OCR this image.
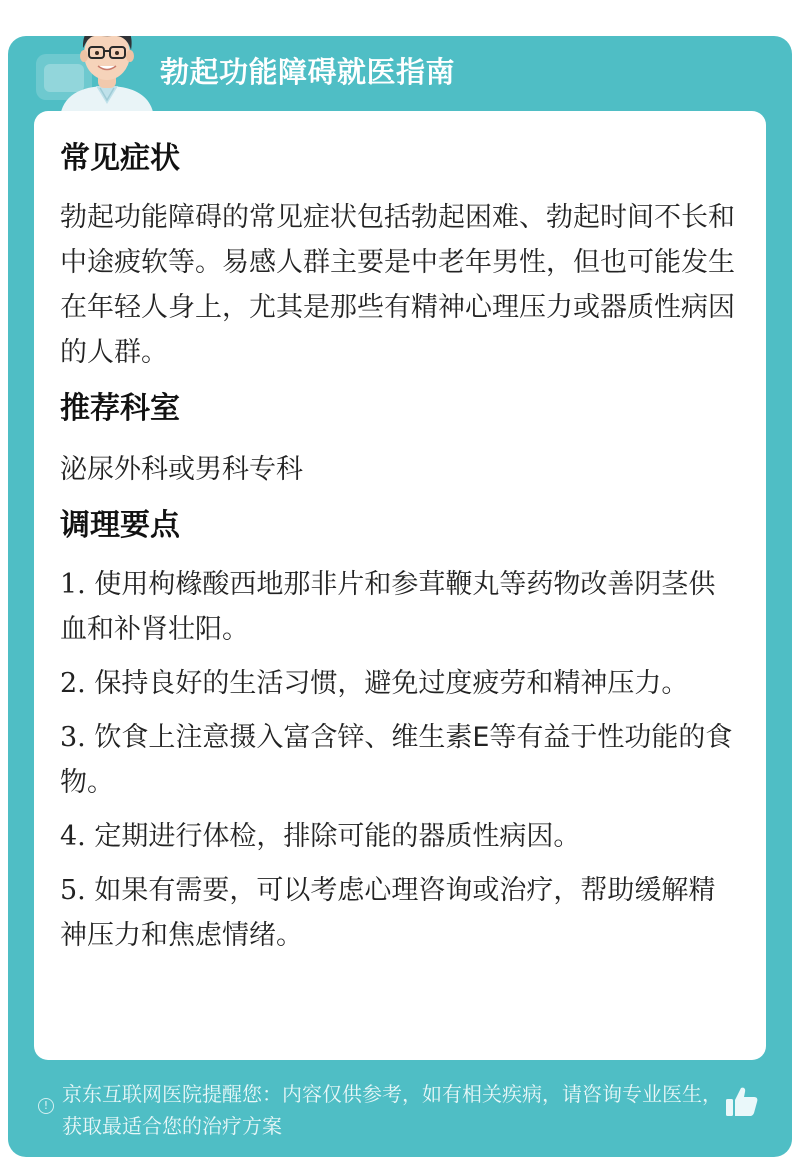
勃起功能障碍就医指南
常见症状

勃起功能障碍的常见症状包括勃起困难、勃起时间不长和中途疲软等。易感人群主要是中老年男性，但也可能发生在年轻人身上，尤其是那些有精神心理压力或器质性病因的人群。

推荐科室

泌尿外科或男科专科

调理要点

1. 使用枸橼酸西地那非片和参茸鞭丸等药物改善阴茎供血和补肾壮阳。

2. 保持良好的生活习惯，避免过度疲劳和精神压力。

3. 饮食上注意摄入富含锌、维生素E等有益于性功能的食物。

4. 定期进行体检，排除可能的器质性病因。

5. 如果有需要，可以考虑心理咨询或治疗，帮助缓解精神压力和焦虑情绪。

! 京东互联网医院提醒您：内容仅供参考，如有相关疾病，请咨询专业医生，获取最适合您的治疗方案
